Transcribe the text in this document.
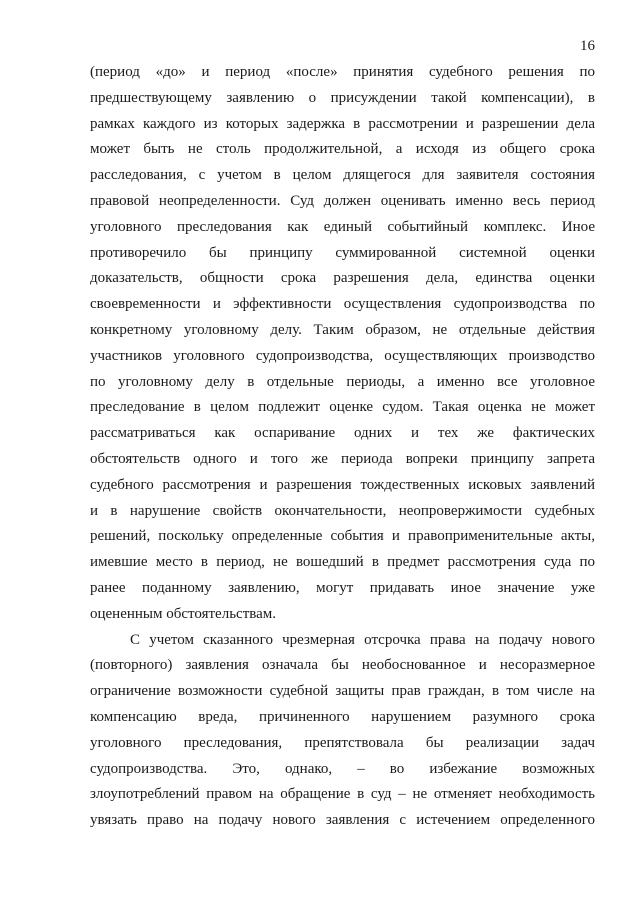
16
(период «до» и период «после» принятия судебного решения по
предшествующему заявлению о присуждении такой компенсации), в
рамках каждого из которых задержка в рассмотрении и разрешении дела
может быть не столь продолжительной, а исходя из общего срока
расследования, с учетом в целом длящегося для заявителя состояния
правовой неопределенности. Суд должен оценивать именно весь период
уголовного преследования как единый событийный комплекс. Иное
противоречило бы принципу суммированной системной оценки
доказательств, общности срока разрешения дела, единства оценки
своевременности и эффективности осуществления судопроизводства по
конкретному уголовному делу. Таким образом, не отдельные действия
участников уголовного судопроизводства, осуществляющих производство
по уголовному делу в отдельные периоды, а именно все уголовное
преследование в целом подлежит оценке судом. Такая оценка не может
рассматриваться как оспаривание одних и тех же фактических
обстоятельств одного и того же периода вопреки принципу запрета
судебного рассмотрения и разрешения тождественных исковых заявлений
и в нарушение свойств окончательности, неопровержимости судебных
решений, поскольку определенные события и правоприменительные акты,
имевшие место в период, не вошедший в предмет рассмотрения суда по
ранее поданному заявлению, могут придавать иное значение уже
оцененным обстоятельствам.
С учетом сказанного чрезмерная отсрочка права на подачу нового
(повторного) заявления означала бы необоснованное и несоразмерное
ограничение возможности судебной защиты прав граждан, в том числе на
компенсацию вреда, причиненного нарушением разумного срока
уголовного преследования, препятствовала бы реализации задач
судопроизводства. Это, однако, – во избежание возможных
злоупотреблений правом на обращение в суд – не отменяет необходимость
увязать право на подачу нового заявления с истечением определенного
